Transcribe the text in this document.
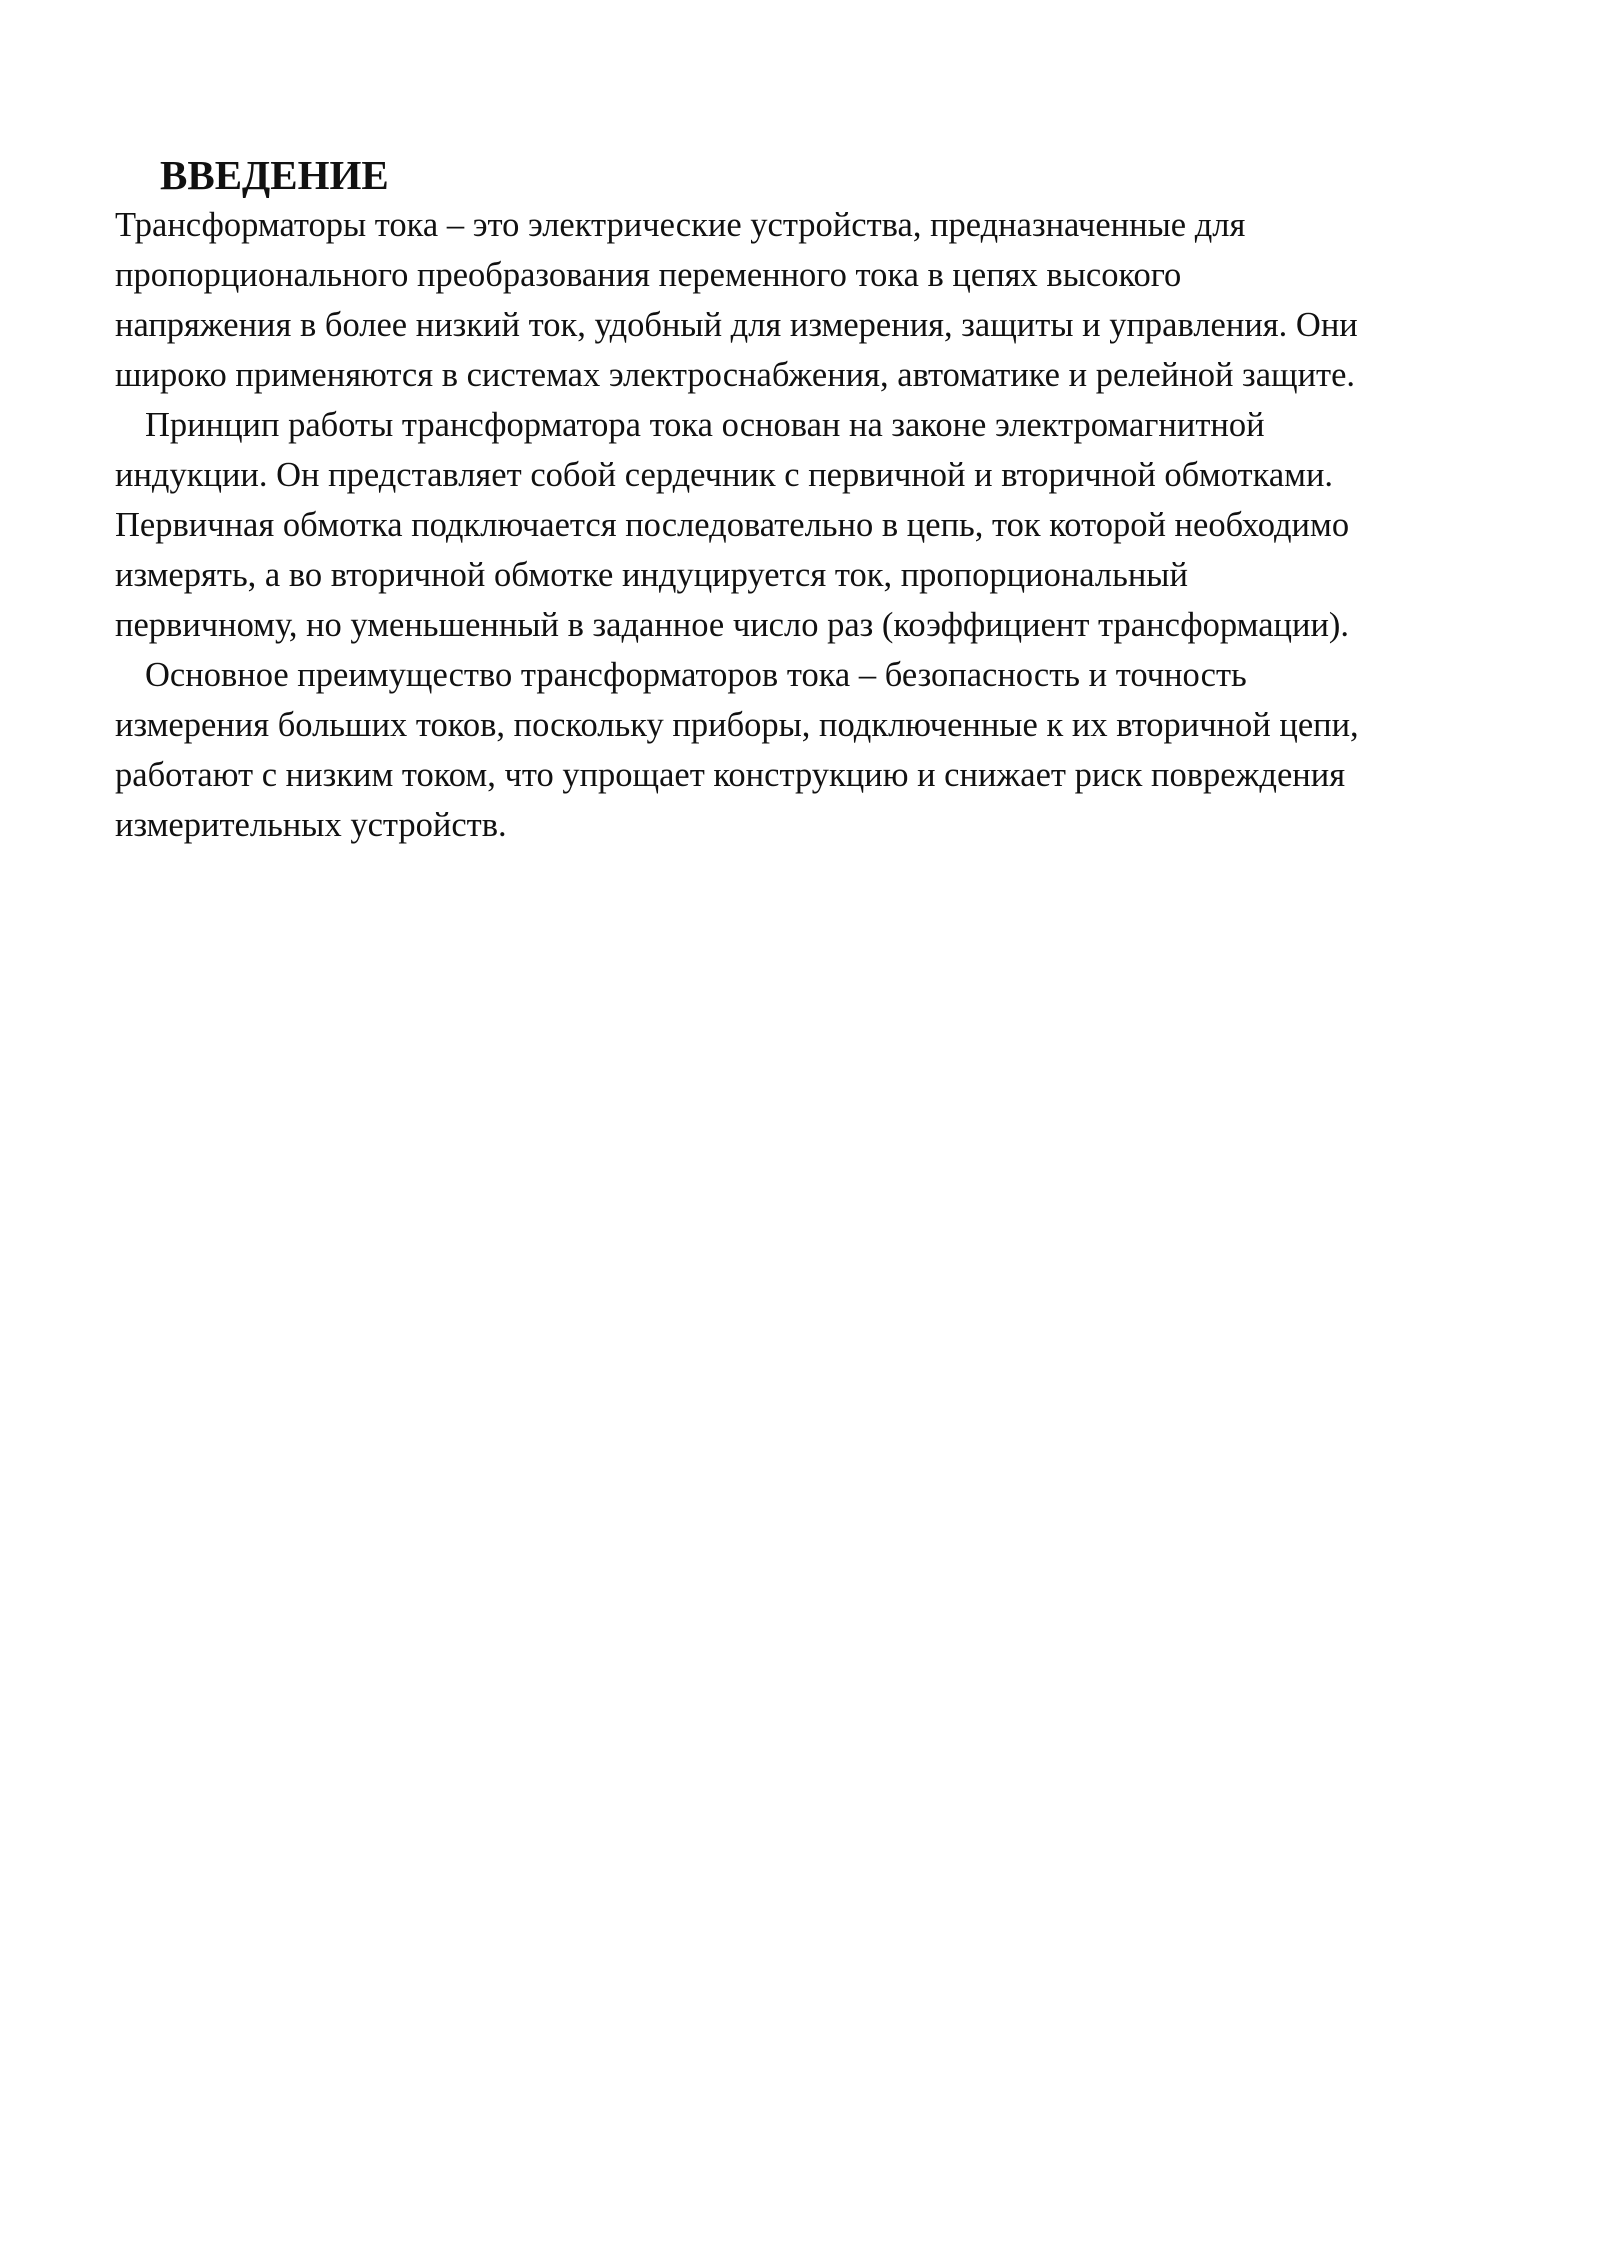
ВВЕДЕНИЕ
Трансформаторы тока – это электрические устройства, предназначенные для
пропорционального преобразования переменного тока в цепях высокого
напряжения в более низкий ток, удобный для измерения, защиты и управления. Они
широко применяются в системах электроснабжения, автоматике и релейной защите.
Принцип работы трансформатора тока основан на законе электромагнитной
индукции. Он представляет собой сердечник с первичной и вторичной обмотками.
Первичная обмотка подключается последовательно в цепь, ток которой необходимо
измерять, а во вторичной обмотке индуцируется ток, пропорциональный
первичному, но уменьшенный в заданное число раз (коэффициент трансформации).
Основное преимущество трансформаторов тока – безопасность и точность
измерения больших токов, поскольку приборы, подключенные к их вторичной цепи,
работают с низким током, что упрощает конструкцию и снижает риск повреждения
измерительных устройств.
